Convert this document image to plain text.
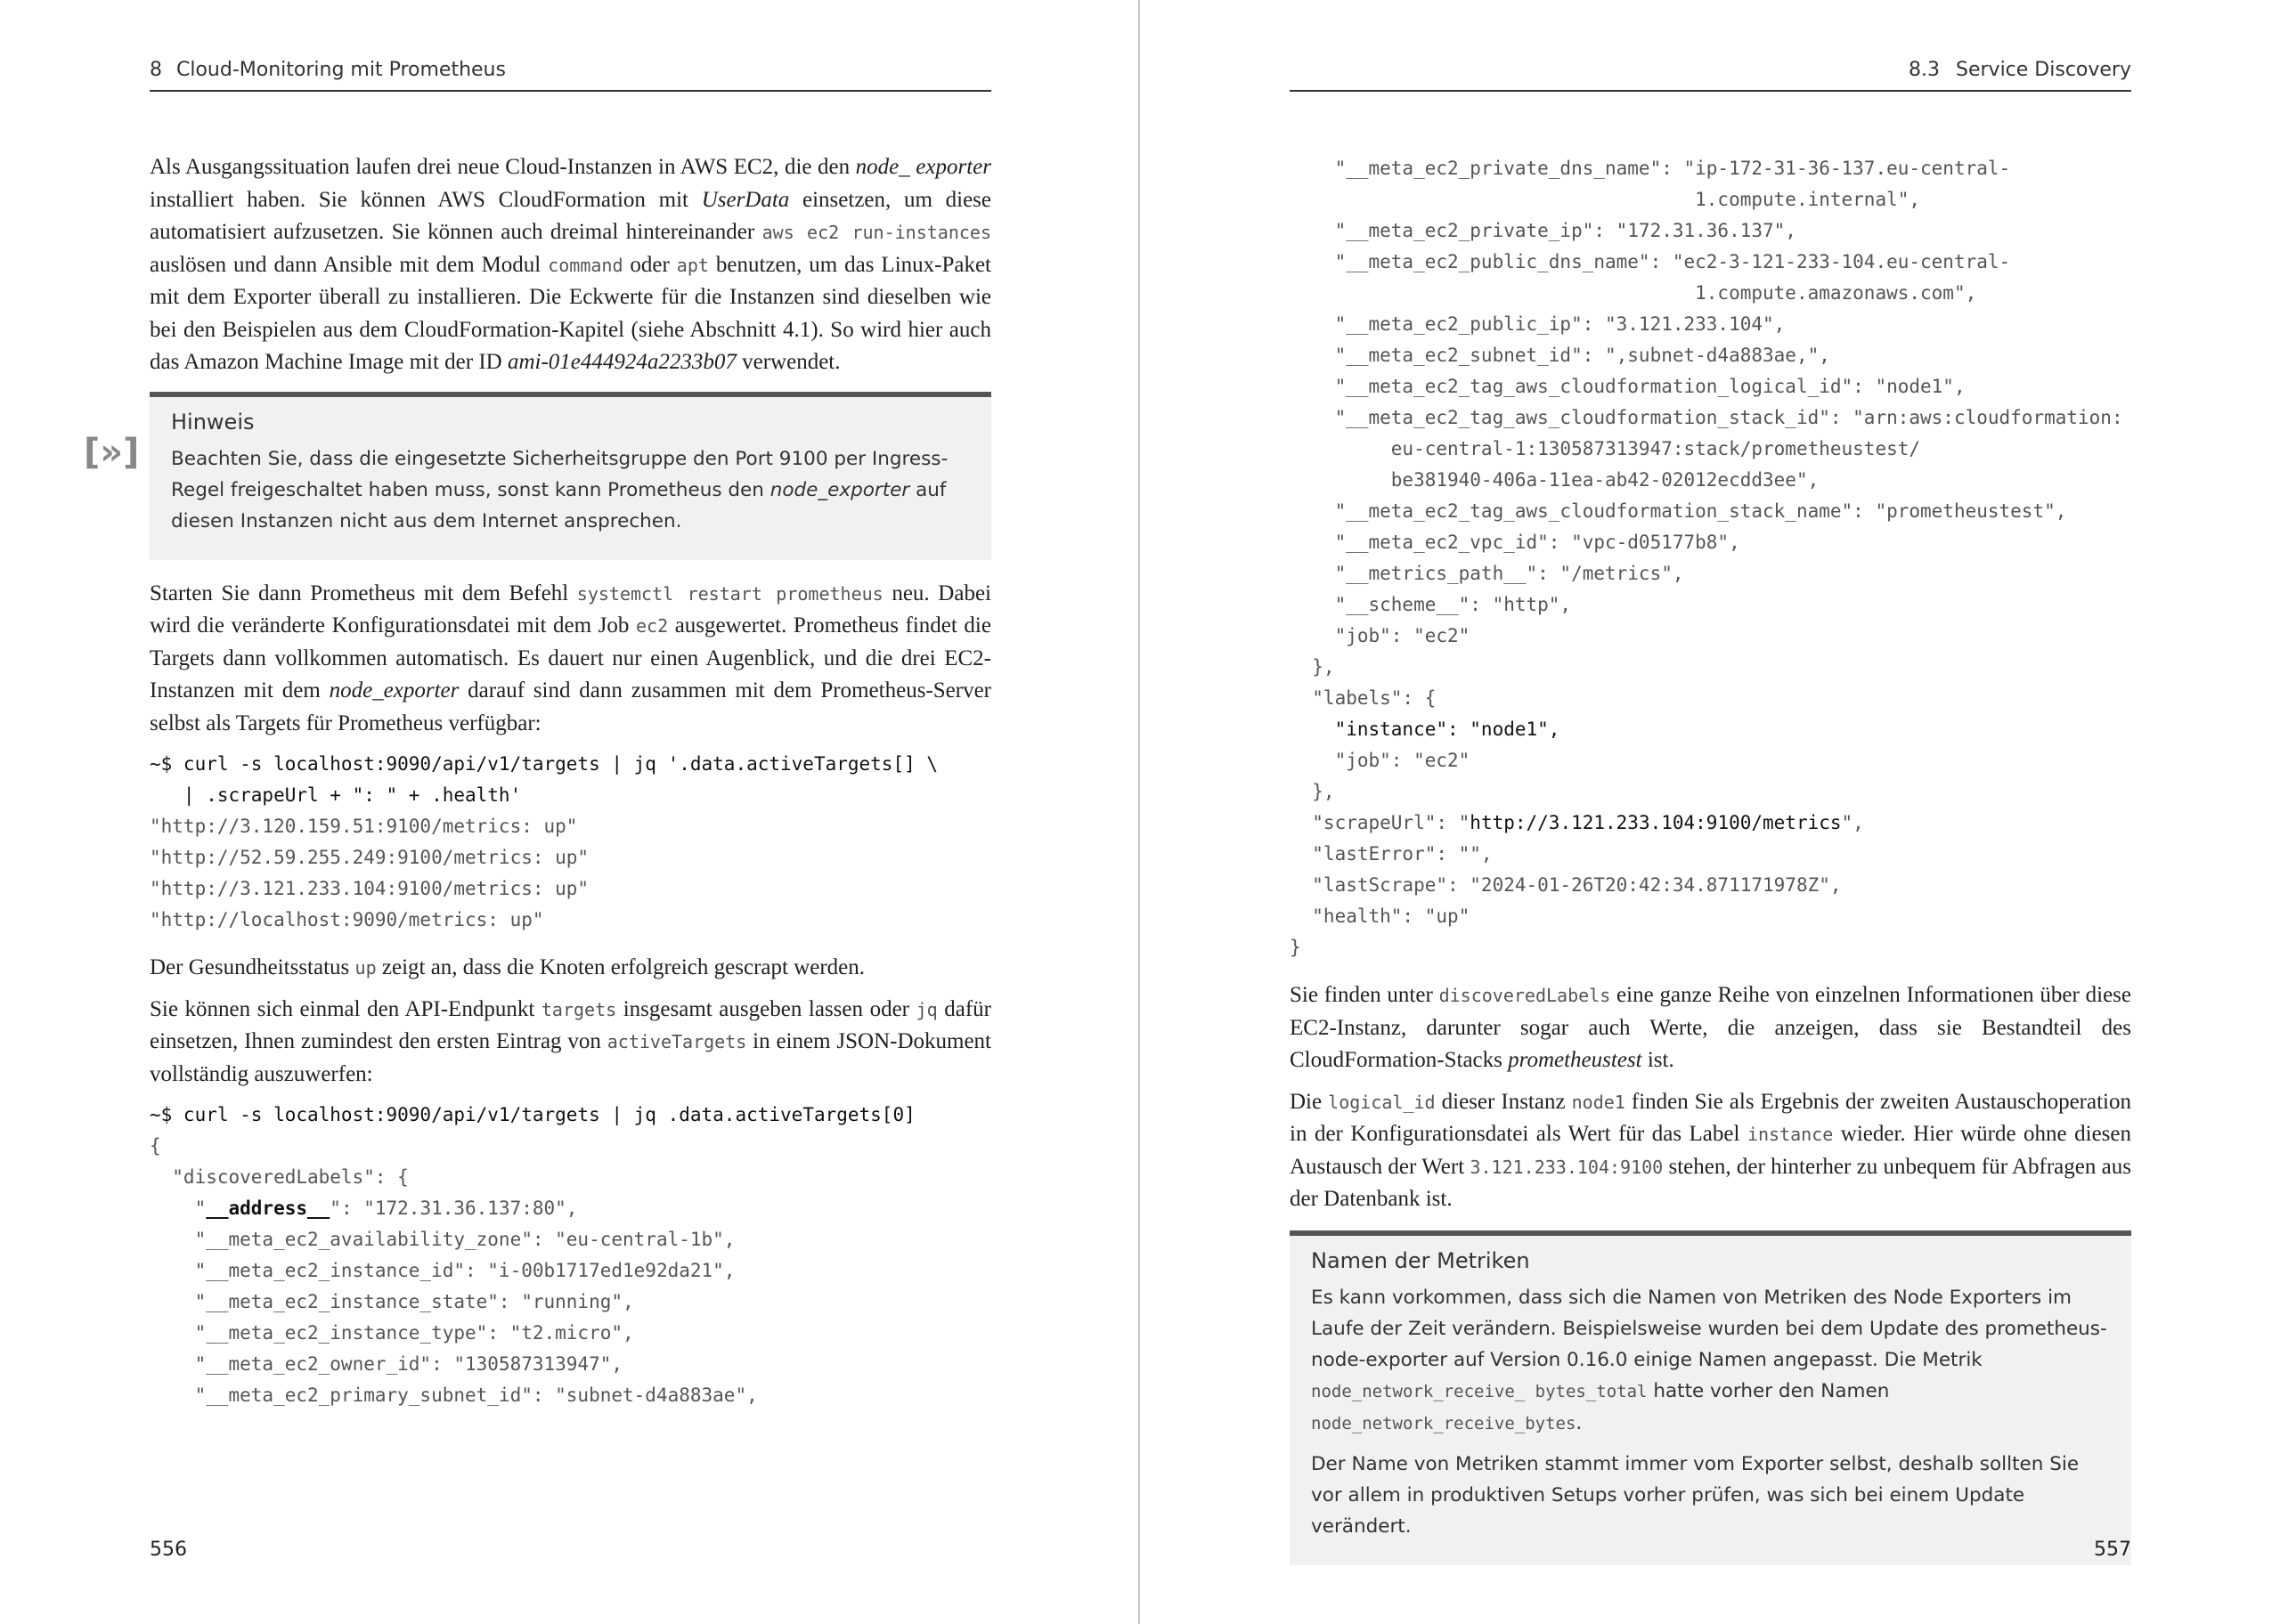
8 Cloud-Monitoring mit Prometheus
[»]

Als Ausgangssituation laufen drei neue Cloud-Instanzen in AWS EC2, die den node_ exporter installiert haben. Sie können AWS CloudFormation mit UserData einsetzen, um diese automatisiert aufzusetzen. Sie können auch dreimal hintereinander aws ec2 run-instances auslösen und dann Ansible mit dem Modul command oder apt benutzen, um das Linux-Paket mit dem Exporter überall zu installieren. Die Eckwerte für die Instanzen sind dieselben wie bei den Beispielen aus dem CloudFormation-Kapitel (siehe Abschnitt 4.1). So wird hier auch das Amazon Machine Image mit der ID ami-01e444924a2233b07 verwendet.

Hinweis
Beachten Sie, dass die eingesetzte Sicherheitsgruppe den Port 9100 per Ingress-Regel freigeschaltet haben muss, sonst kann Prometheus den node_exporter auf diesen Instanzen nicht aus dem Internet ansprechen.

Starten Sie dann Prometheus mit dem Befehl systemctl restart prometheus neu. Dabei wird die veränderte Konfigurationsdatei mit dem Job ec2 ausgewertet. Prometheus findet die Targets dann vollkommen automatisch. Es dauert nur einen Augenblick, und die drei EC2-Instanzen mit dem node_exporter darauf sind dann zusammen mit dem Prometheus-Server selbst als Targets für Prometheus verfügbar:

~$ curl -s localhost:9090/api/v1/targets | jq '.data.activeTargets[] \
| .scrapeUrl + ": " + .health'
"http://3.120.159.51:9100/metrics: up"
"http://52.59.255.249:9100/metrics: up"
"http://3.121.233.104:9100/metrics: up"
"http://localhost:9090/metrics: up"

Der Gesundheitsstatus up zeigt an, dass die Knoten erfolgreich gescrapt werden.

Sie können sich einmal den API-Endpunkt targets insgesamt ausgeben lassen oder jq dafür einsetzen, Ihnen zumindest den ersten Eintrag von activeTargets in einem JSON-Dokument vollständig auszuwerfen:

~$ curl -s localhost:9090/api/v1/targets | jq .data.activeTargets[0]
{
"discoveredLabels": {
"__address__": "172.31.36.137:80",
"__meta_ec2_availability_zone": "eu-central-1b",
"__meta_ec2_instance_id": "i-00b1717ed1e92da21",
"__meta_ec2_instance_state": "running",
"__meta_ec2_instance_type": "t2.micro",
"__meta_ec2_owner_id": "130587313947",
"__meta_ec2_primary_subnet_id": "subnet-d4a883ae",
556
8.3 Service Discovery
"__meta_ec2_private_dns_name": "ip-172-31-36-137.eu-central-
1.compute.internal",
"__meta_ec2_private_ip": "172.31.36.137",
"__meta_ec2_public_dns_name": "ec2-3-121-233-104.eu-central-
1.compute.amazonaws.com",
"__meta_ec2_public_ip": "3.121.233.104",
"__meta_ec2_subnet_id": ",subnet-d4a883ae,",
"__meta_ec2_tag_aws_cloudformation_logical_id": "node1",
"__meta_ec2_tag_aws_cloudformation_stack_id": "arn:aws:cloudformation:
eu-central-1:130587313947:stack/prometheustest/
be381940-406a-11ea-ab42-02012ecdd3ee",
"__meta_ec2_tag_aws_cloudformation_stack_name": "prometheustest",
"__meta_ec2_vpc_id": "vpc-d05177b8",
"__metrics_path__": "/metrics",
"__scheme__": "http",
"job": "ec2"
},
"labels": {
"instance": "node1",
"job": "ec2"
},
"scrapeUrl": "http://3.121.233.104:9100/metrics",
"lastError": "",
"lastScrape": "2024-01-26T20:42:34.871171978Z",
"health": "up"
}

Sie finden unter discoveredLabels eine ganze Reihe von einzelnen Informationen über diese EC2-Instanz, darunter sogar auch Werte, die anzeigen, dass sie Bestandteil des CloudFormation-Stacks prometheustest ist.

Die logical_id dieser Instanz node1 finden Sie als Ergebnis der zweiten Austauschoperation in der Konfigurationsdatei als Wert für das Label instance wieder. Hier würde ohne diesen Austausch der Wert 3.121.233.104:9100 stehen, der hinterher zu unbequem für Abfragen aus der Datenbank ist.

Namen der Metriken
Es kann vorkommen, dass sich die Namen von Metriken des Node Exporters im Laufe der Zeit verändern. Beispielsweise wurden bei dem Update des prometheus-node-exporter auf Version 0.16.0 einige Namen angepasst. Die Metrik node_network_receive_ bytes_total hatte vorher den Namen node_network_receive_bytes.
Der Name von Metriken stammt immer vom Exporter selbst, deshalb sollten Sie vor allem in produktiven Setups vorher prüfen, was sich bei einem Update verändert.
557
